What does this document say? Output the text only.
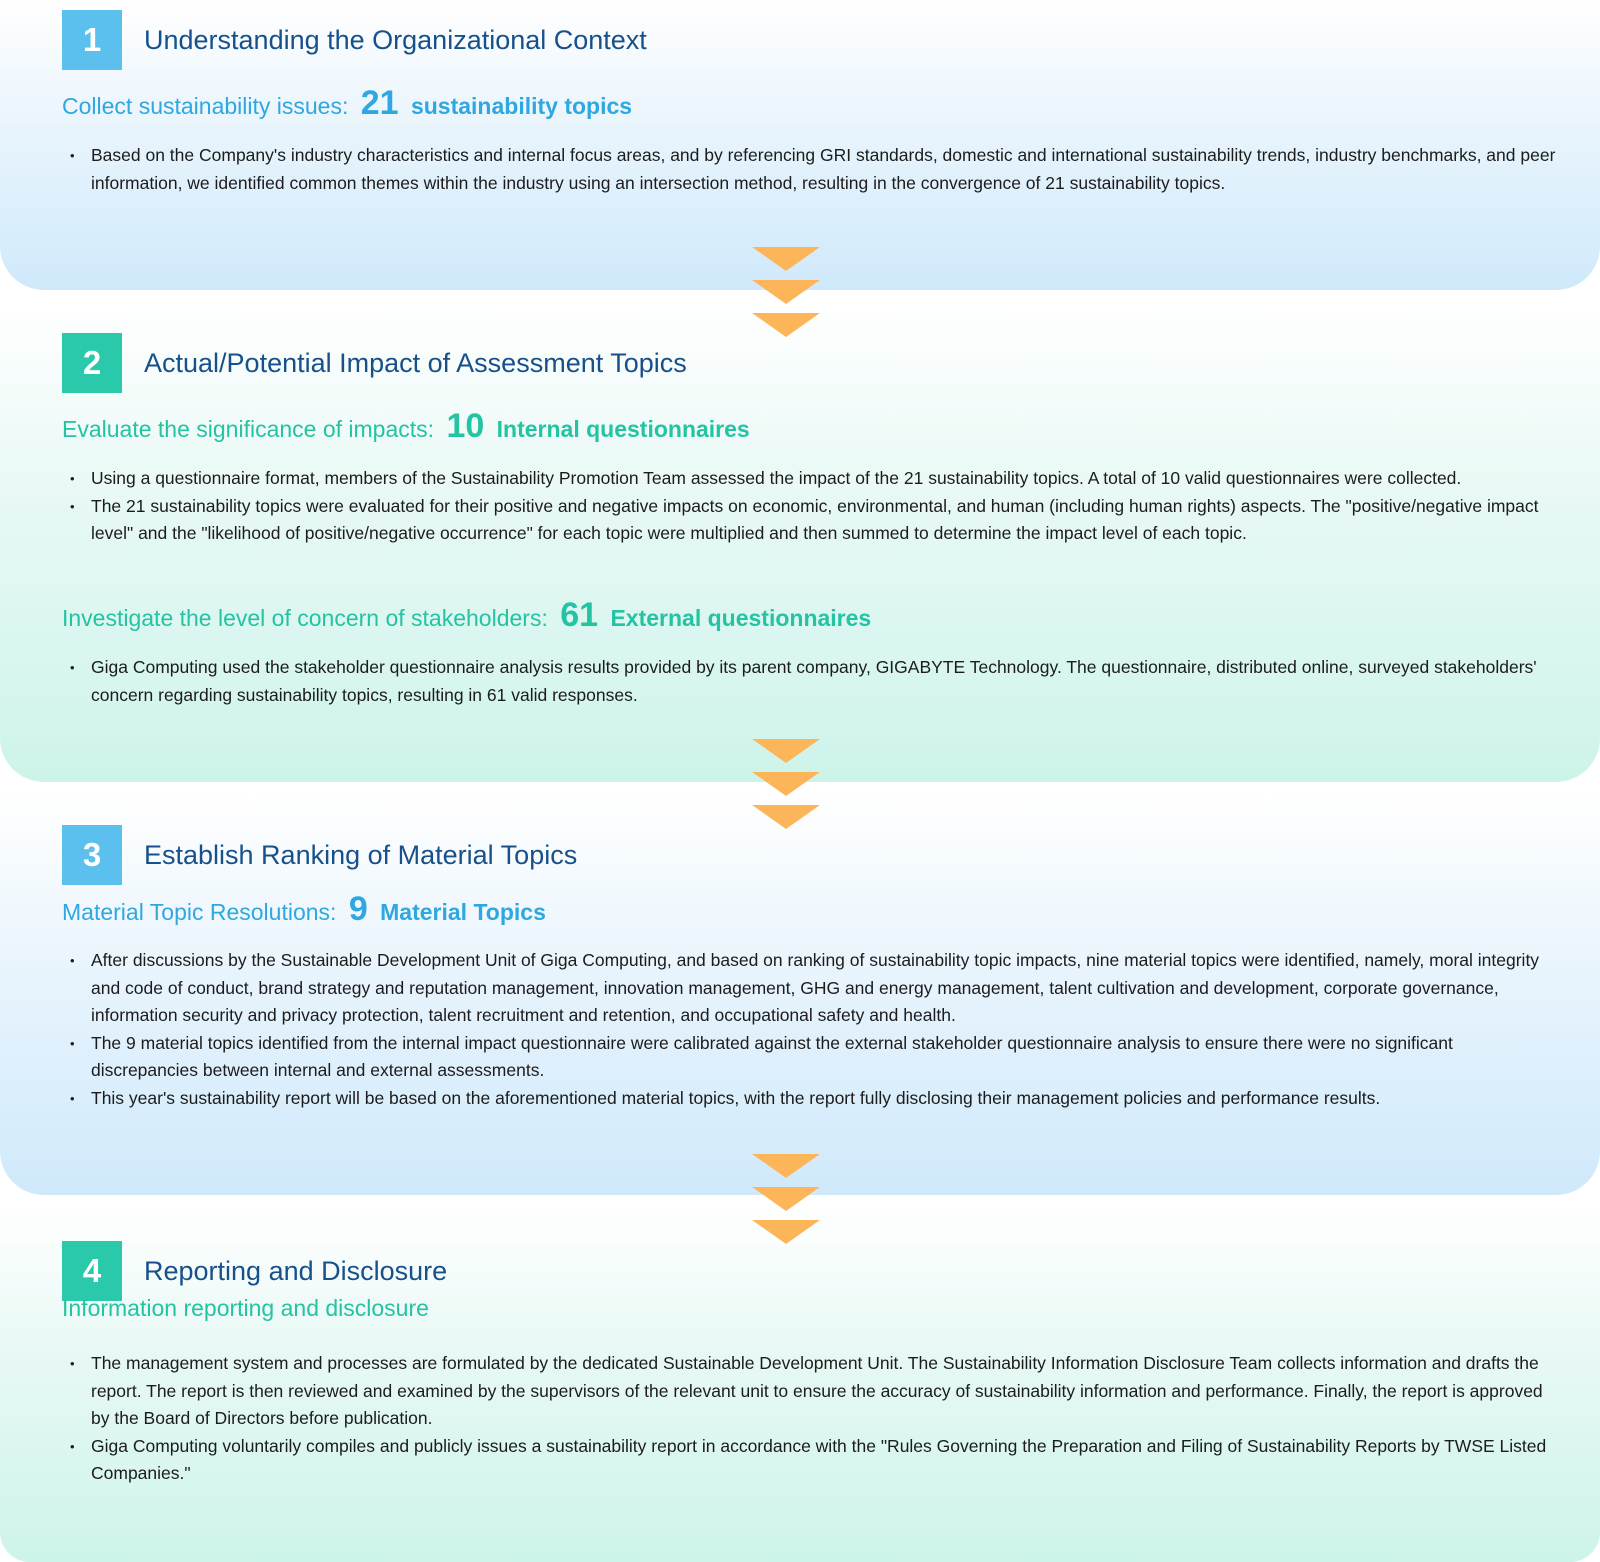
1	Understanding the Organizational Context
Collect sustainability issues: 21 sustainability topics
• Based on the Company's industry characteristics and internal focus areas, and by referencing GRI standards, domestic and international sustainability trends, industry benchmarks, and peer information, we identified common themes within the industry using an intersection method, resulting in the convergence of 21 sustainability topics.
2	Actual/Potential Impact of Assessment Topics
Evaluate the significance of impacts: 10 Internal questionnaires
• Using a questionnaire format, members of the Sustainability Promotion Team assessed the impact of the 21 sustainability topics. A total of 10 valid questionnaires were collected.
• The 21 sustainability topics were evaluated for their positive and negative impacts on economic, environmental, and human (including human rights) aspects. The "positive/negative impact level" and the "likelihood of positive/negative occurrence" for each topic were multiplied and then summed to determine the impact level of each topic.
Investigate the level of concern of stakeholders: 61 External questionnaires
• Giga Computing used the stakeholder questionnaire analysis results provided by its parent company, GIGABYTE Technology. The questionnaire, distributed online, surveyed stakeholders' concern regarding sustainability topics, resulting in 61 valid responses.
3	Establish Ranking of Material Topics
Material Topic Resolutions: 9 Material Topics
• After discussions by the Sustainable Development Unit of Giga Computing, and based on ranking of sustainability topic impacts, nine material topics were identified, namely, moral integrity and code of conduct, brand strategy and reputation management, innovation management, GHG and energy management, talent cultivation and development, corporate governance, information security and privacy protection, talent recruitment and retention, and occupational safety and health.
• The 9 material topics identified from the internal impact questionnaire were calibrated against the external stakeholder questionnaire analysis to ensure there were no significant discrepancies between internal and external assessments.
• This year's sustainability report will be based on the aforementioned material topics, with the report fully disclosing their management policies and performance results.
4	Reporting and Disclosure
Information reporting and disclosure
• The management system and processes are formulated by the dedicated Sustainable Development Unit. The Sustainability Information Disclosure Team collects information and drafts the report. The report is then reviewed and examined by the supervisors of the relevant unit to ensure the accuracy of sustainability information and performance. Finally, the report is approved by the Board of Directors before publication.
• Giga Computing voluntarily compiles and publicly issues a sustainability report in accordance with the "Rules Governing the Preparation and Filing of Sustainability Reports by TWSE Listed Companies."
